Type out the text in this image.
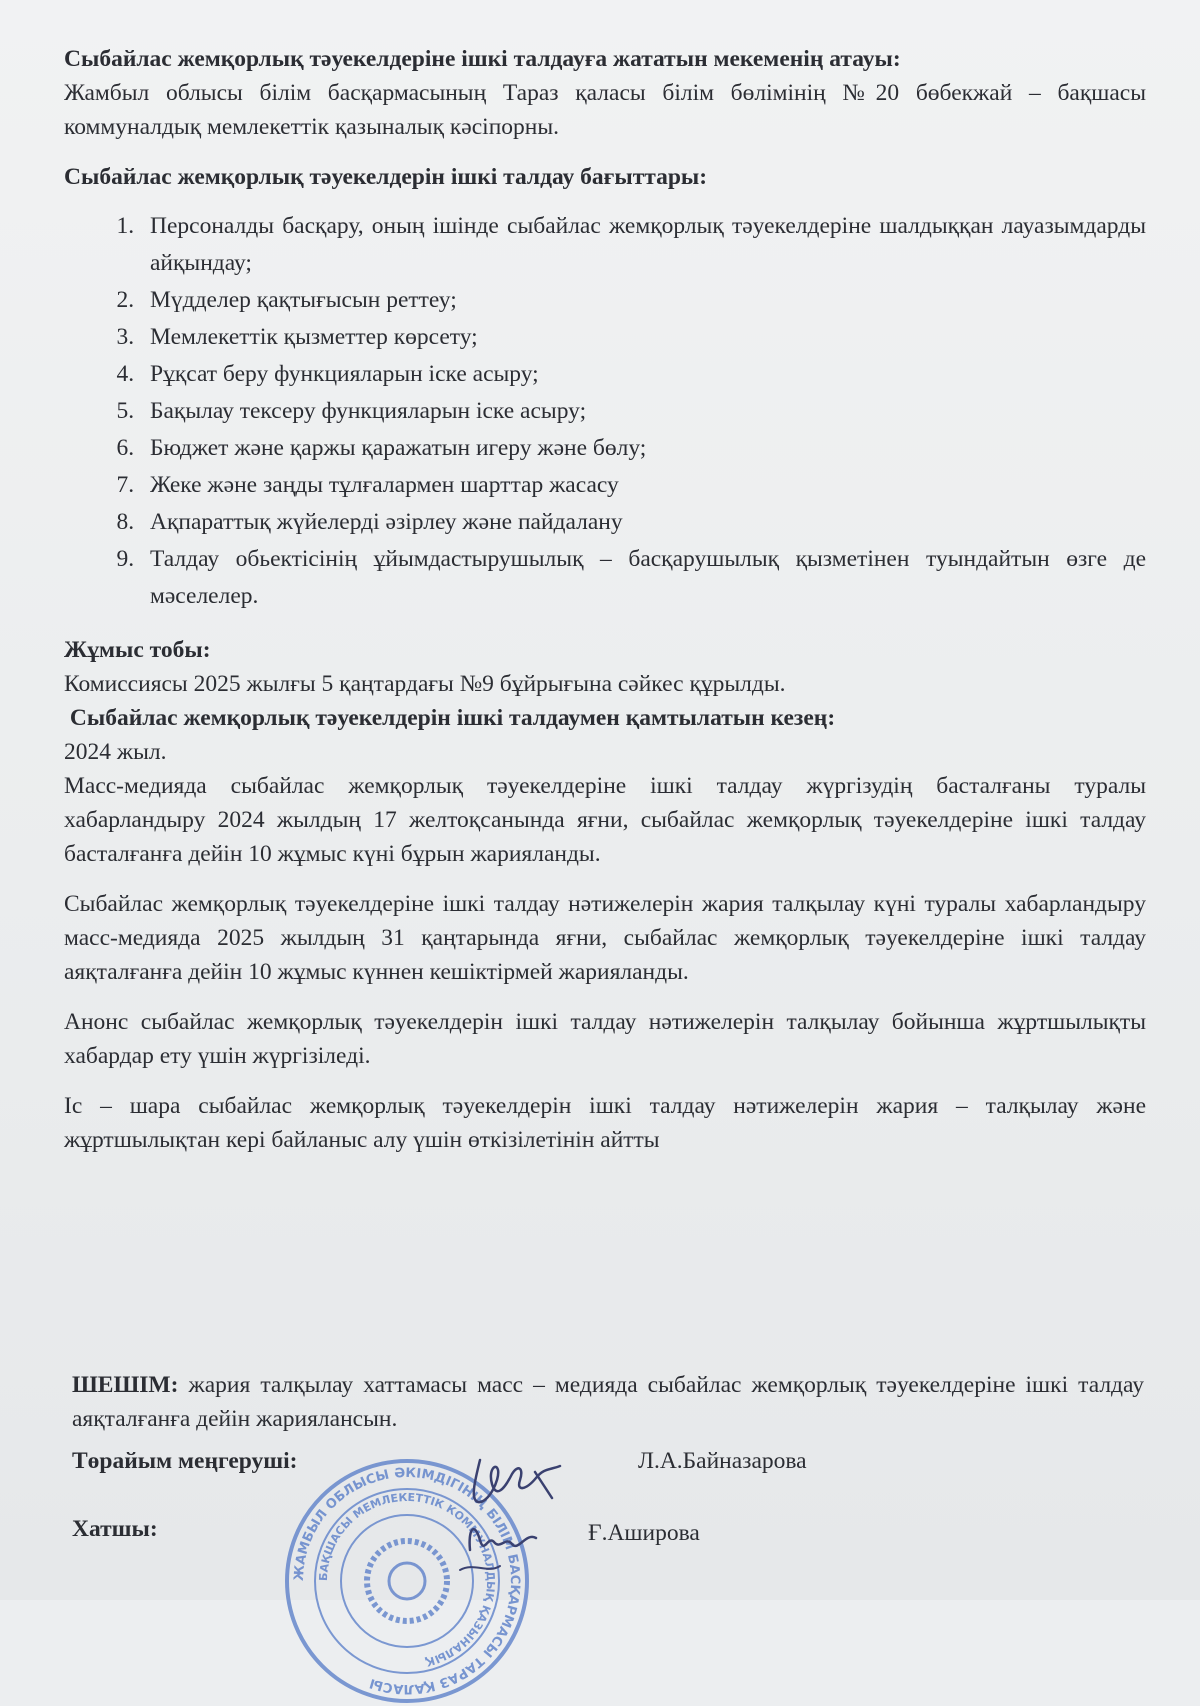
Сыбайлас жемқорлық тәуекелдеріне ішкі талдауға жататын мекеменің атауы:

Жамбыл облысы білім басқармасының Тараз қаласы білім бөлімінің №20 бөбекжай – бақшасы коммуналдық мемлекеттік қазыналық кәсіпорны.

Сыбайлас жемқорлық тәуекелдерін ішкі талдау бағыттары:

1. Персоналды басқару, оның ішінде сыбайлас жемқорлық тәуекелдеріне шалдыққан лауазымдарды айқындау;
2. Мүдделер қақтығысын реттеу;
3. Мемлекеттік қызметтер көрсету;
4. Рұқсат беру функцияларын іске асыру;
5. Бақылау тексеру функцияларын іске асыру;
6. Бюджет және қаржы қаражатын игеру және бөлу;
7. Жеке және заңды тұлғалармен шарттар жасасу
8. Ақпараттық жүйелерді әзірлеу және пайдалану
9. Талдау обьектісінің ұйымдастырушылық – басқарушылық қызметінен туындайтын өзге де мәселелер.

Жұмыс тобы:

Комиссиясы 2025 жылғы 5 қаңтардағы №9 бұйрығына сәйкес құрылды.

Сыбайлас жемқорлық тәуекелдерін ішкі талдаумен қамтылатын кезең:

2024 жыл.

Масс-медияда сыбайлас жемқорлық тәуекелдеріне ішкі талдау жүргізудің басталғаны туралы хабарландыру 2024 жылдың 17 желтоқсанында яғни, сыбайлас жемқорлық тәуекелдеріне ішкі талдау басталғанға дейін 10 жұмыс күні бұрын жарияланды.

Сыбайлас жемқорлық тәуекелдеріне ішкі талдау нәтижелерін жария талқылау күні туралы хабарландыру масс-медияда 2025 жылдың 31 қаңтарында яғни, сыбайлас жемқорлық тәуекелдеріне ішкі талдау аяқталғанға дейін 10 жұмыс күннен кешіктірмей жарияланды.

Анонс сыбайлас жемқорлық тәуекелдерін ішкі талдау нәтижелерін талқылау бойынша жұртшылықты хабардар ету үшін жүргізіледі.

Іс – шара сыбайлас жемқорлық тәуекелдерін ішкі талдау нәтижелерін жария – талқылау және жұртшылықтан кері байланыс алу үшін өткізілетінін айтты

ШЕШІМ: жария талқылау хаттамасы масс – медияда сыбайлас жемқорлық тәуекелдеріне ішкі талдау аяқталғанға дейін жариялансын.

ЖАМБЫЛ ОБЛЫСЫ ӘКІМДІГІНІҢ БІЛІМ БАСҚАРМАСЫ ТАРАЗ ҚАЛАСЫ
БАҚШАСЫ МЕМЛЕКЕТТІК КОММУНАЛДЫҚ ҚАЗЫНАЛЫҚ
Төрайым меңгерушi:	Л.А.Байназарова
Хатшы:	Ғ.Аширова
